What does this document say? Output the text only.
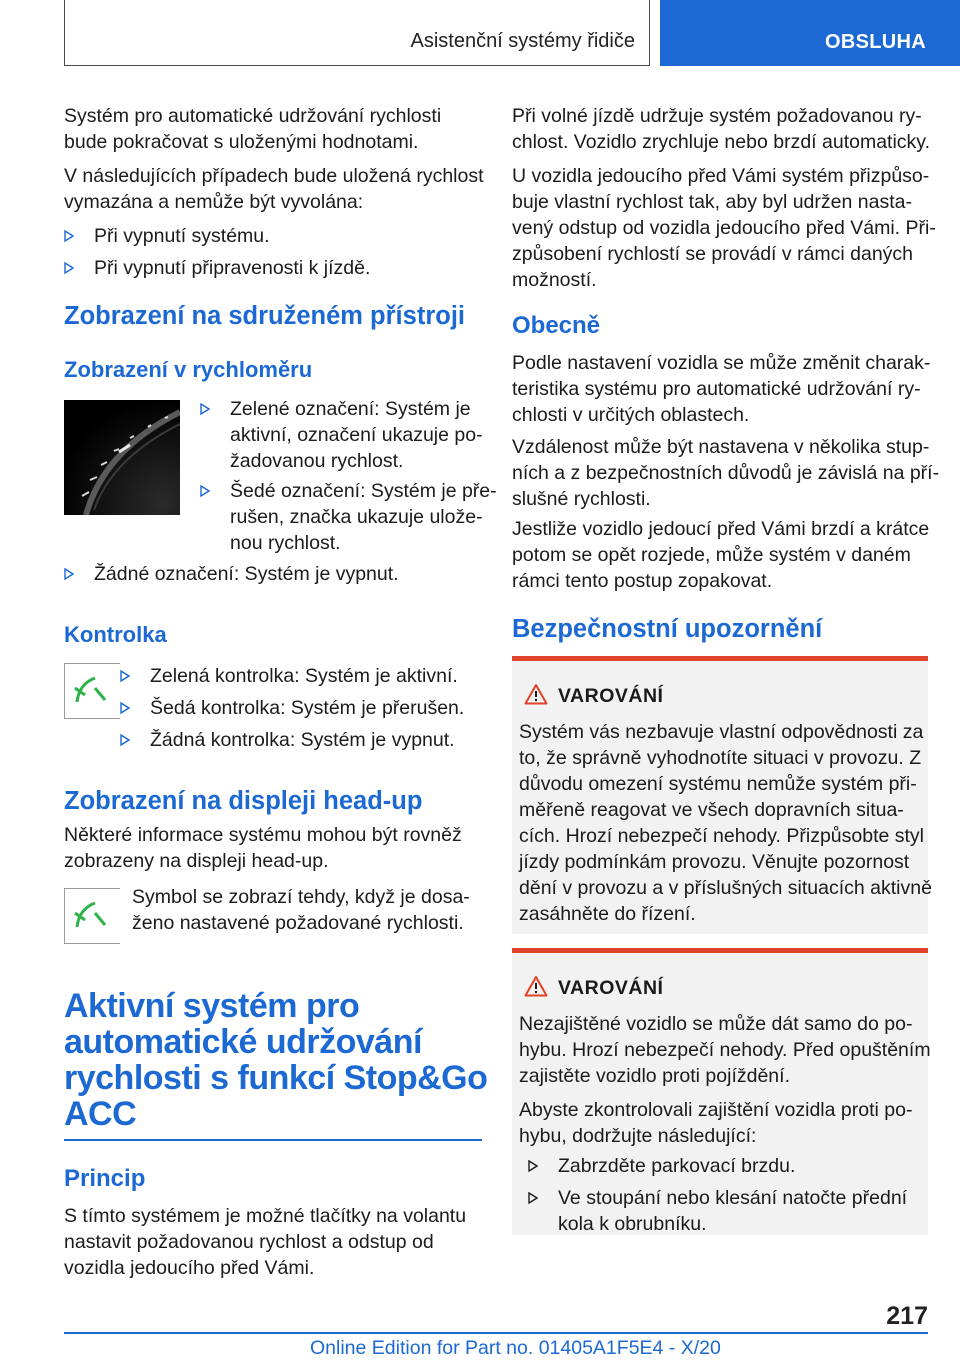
Asistenční systémy řidiče	OBSLUHA

Systém pro automatické udržování rychlosti

bude pokračovat s uloženými hodnotami.

V následujících případech bude uložená rychlost

vymazána a nemůže být vyvolána:

Při vypnutí systému.
Při vypnutí připravenosti k jízdě.
Zobrazení na sdruženém přístroji
Zobrazení v rychloměru
Zelené označení: Systém je
aktivní, označení ukazuje po-
žadovanou rychlost.
Šedé označení: Systém je pře-
rušen, značka ukazuje ulože-
nou rychlost.
Žádné označení: Systém je vypnut.
Kontrolka
Zelená kontrolka: Systém je aktivní.
Šedá kontrolka: Systém je přerušen.
Žádná kontrolka: Systém je vypnut.
Zobrazení na displeji head-up

Některé informace systému mohou být rovněž

zobrazeny na displeji head-up.

Symbol se zobrazí tehdy, když je dosa-

ženo nastavené požadované rychlosti.

Aktivní systém pro
automatické udržování
rychlosti s funkcí Stop&Go
ACC
Princip

S tímto systémem je možné tlačítky na volantu

nastavit požadovanou rychlost a odstup od

vozidla jedoucího před Vámi.

Při volné jízdě udržuje systém požadovanou ry-

chlost. Vozidlo zrychluje nebo brzdí automaticky.

U vozidla jedoucího před Vámi systém přizpůso-

buje vlastní rychlost tak, aby byl udržen nasta-

vený odstup od vozidla jedoucího před Vámi. Při-

způsobení rychlostí se provádí v rámci daných

možností.

Obecně

Podle nastavení vozidla se může změnit charak-

teristika systému pro automatické udržování ry-

chlosti v určitých oblastech.

Vzdálenost může být nastavena v několika stup-

ních a z bezpečnostních důvodů je závislá na pří-

slušné rychlosti.

Jestliže vozidlo jedoucí před Vámi brzdí a krátce

potom se opět rozjede, může systém v daném

rámci tento postup zopakovat.

Bezpečnostní upozornění
VAROVÁNÍ

Systém vás nezbavuje vlastní odpovědnosti za

to, že správně vyhodnotíte situaci v provozu. Z

důvodu omezení systému nemůže systém při-

měřeně reagovat ve všech dopravních situa-

cích. Hrozí nebezpečí nehody. Přizpůsobte styl

jízdy podmínkám provozu. Věnujte pozornost

dění v provozu a v příslušných situacích aktivně

zasáhněte do řízení.

VAROVÁNÍ

Nezajištěné vozidlo se může dát samo do po-

hybu. Hrozí nebezpečí nehody. Před opuštěním

zajistěte vozidlo proti pojíždění.

Abyste zkontrolovali zajištění vozidla proti po-

hybu, dodržujte následující:

Zabrzděte parkovací brzdu.
Ve stoupání nebo klesání natočte přední
kola k obrubníku.
217
Online Edition for Part no. 01405A1F5E4 - X/20
